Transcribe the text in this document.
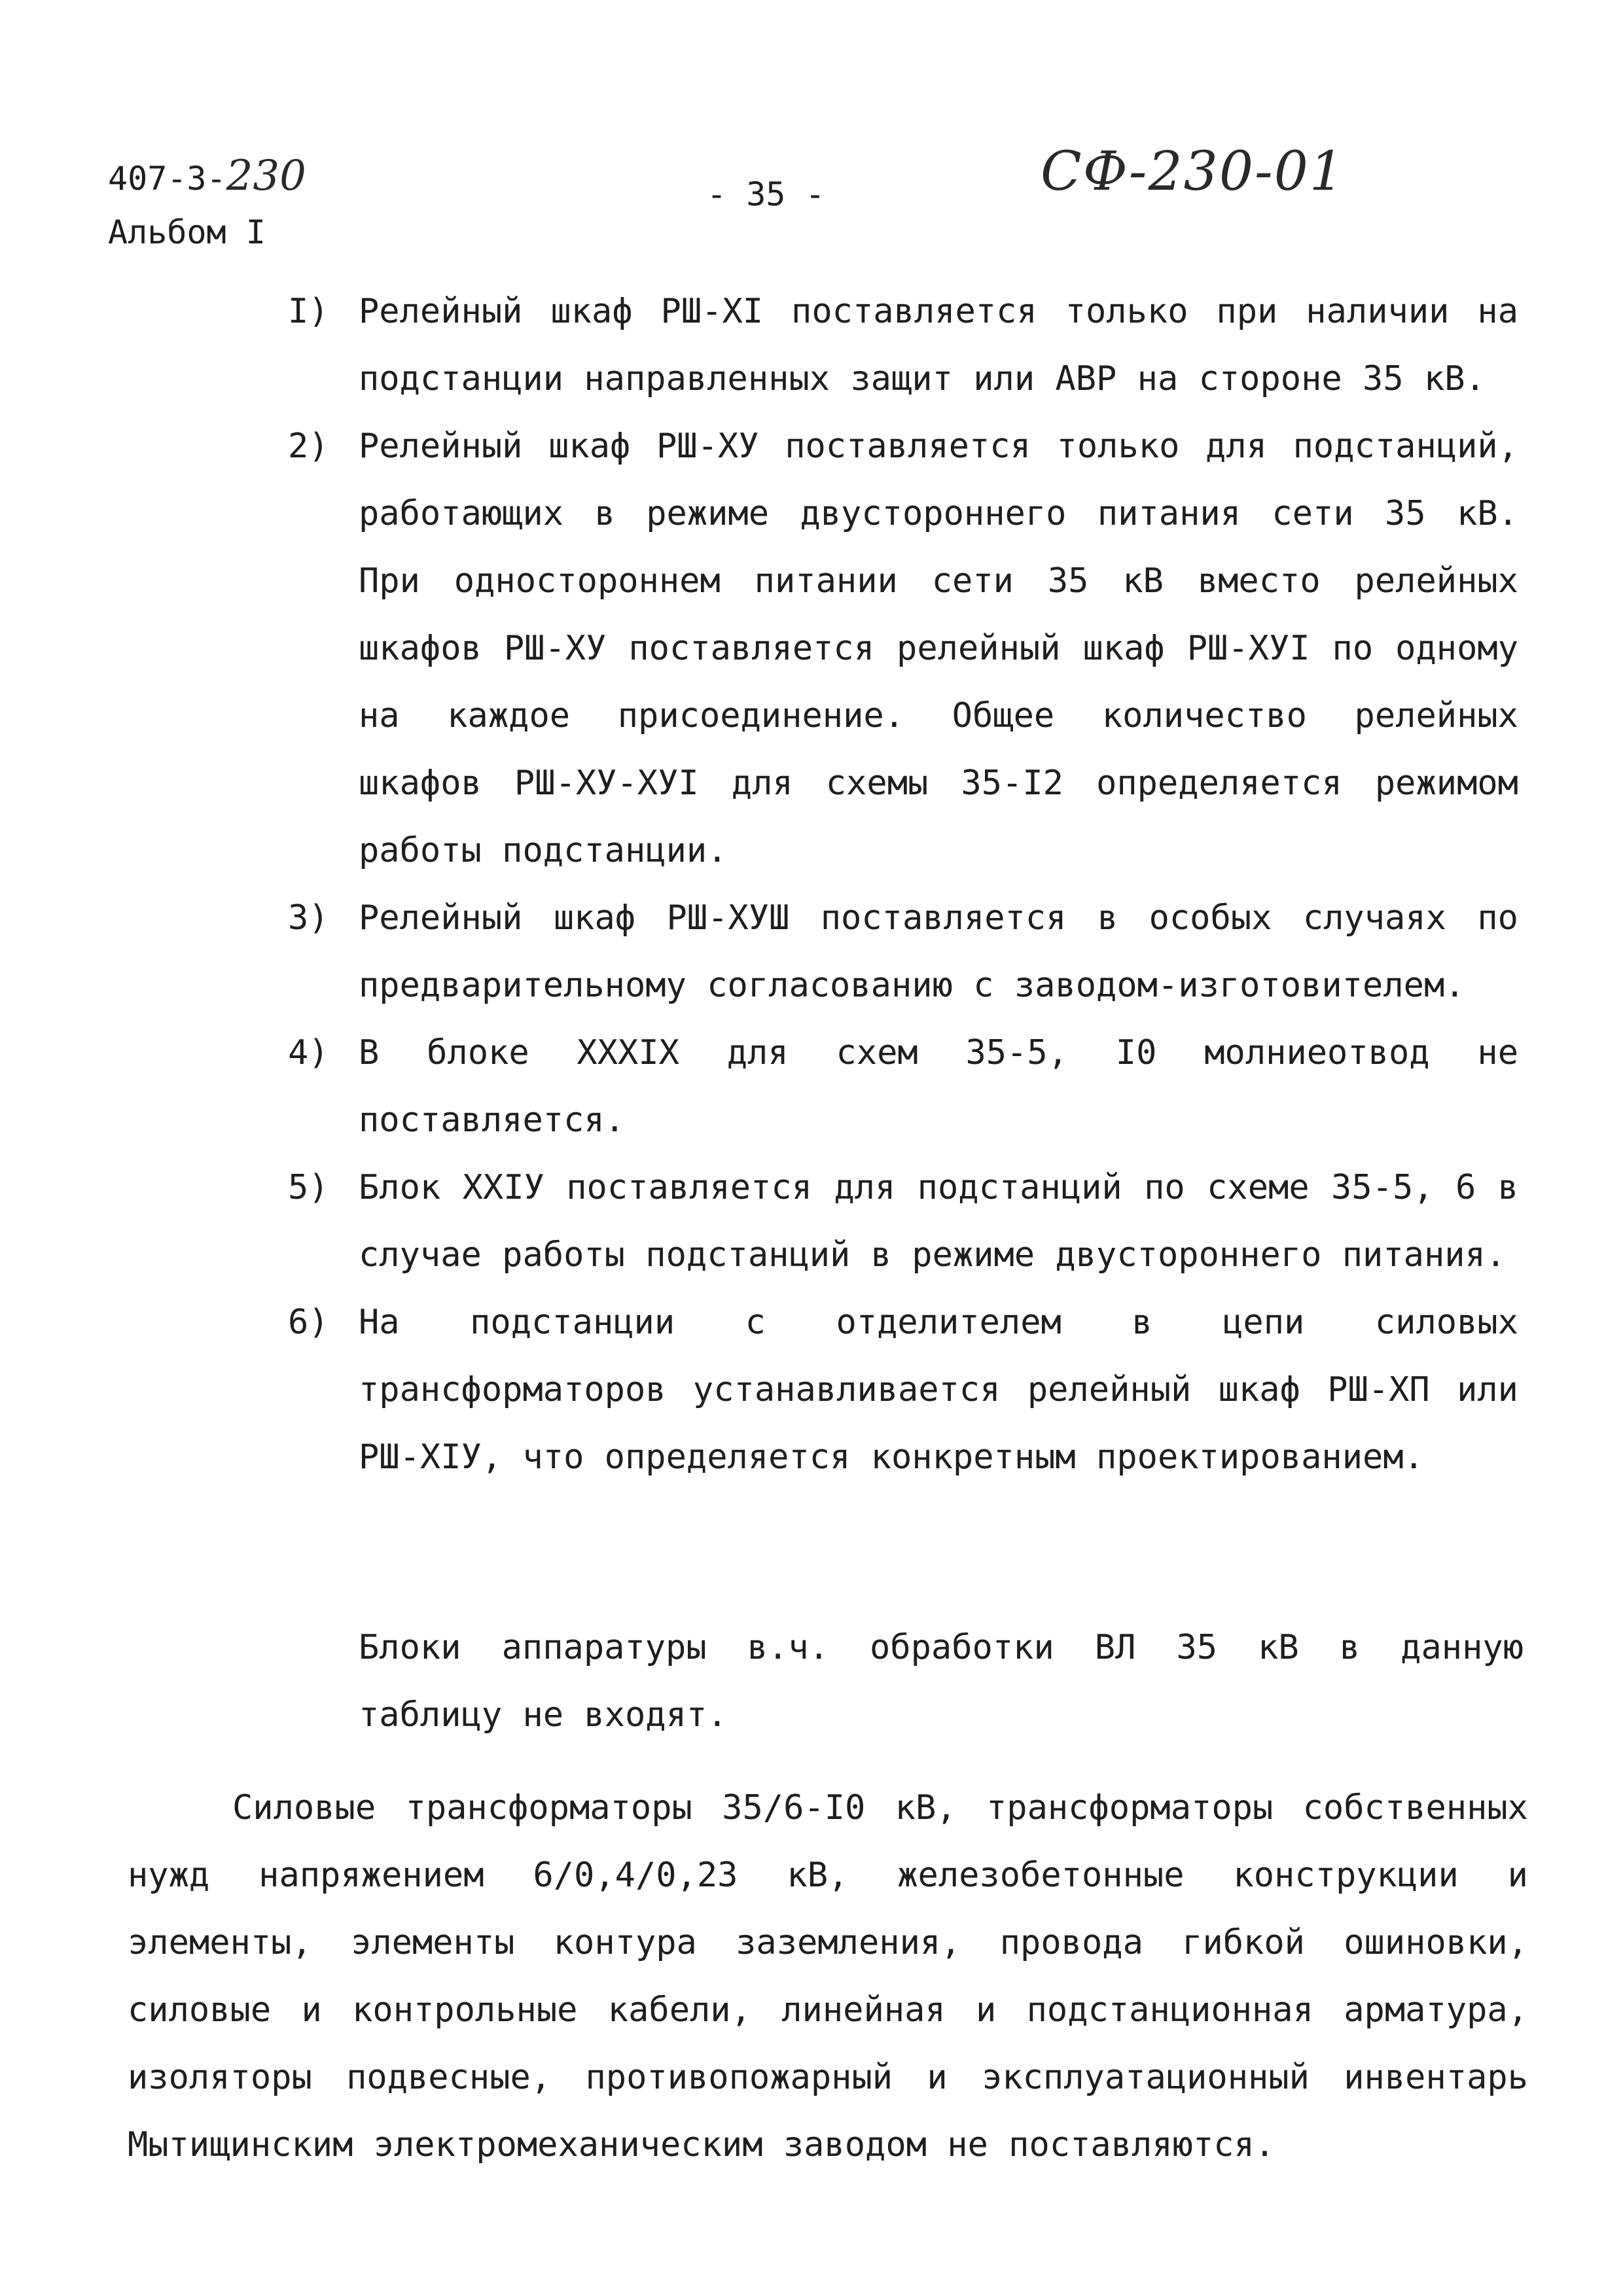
407-3-230
Альбом I
- 35 -	СФ-230-01
I) Релейный шкаф РШ-ХI поставляется только при наличии на подстанции направленных защит или АВР на стороне 35 кВ.
2) Релейный шкаф РШ-ХУ поставляется только для подстанций, работающих в режиме двустороннего питания сети 35 кВ. При одностороннем питании сети 35 кВ вместо релейных шкафов РШ-ХУ поставляется релейный шкаф РШ-ХУI по одному на каждое присоединение. Общее количество релейных шкафов РШ-ХУ-ХУI для схемы 35-I2 определяется режимом работы подстанции.
3) Релейный шкаф РШ-ХУШ поставляется в особых случаях по предварительному согласованию с заводом-изготовителем.
4) В блоке ХХХIХ для схем 35-5, I0 молниеотвод не поставляется.
5) Блок ХХIУ поставляется для подстанций по схеме 35-5, 6 в случае работы подстанций в режиме двустороннего питания.
6) На подстанции с отделителем в цепи силовых трансформаторов устанавливается релейный шкаф РШ-ХП или РШ-ХIУ, что определяется конкретным проектированием.
Блоки аппаратуры в.ч. обработки ВЛ 35 кВ в данную таблицу не входят.
Силовые трансформаторы 35/6-I0 кВ, трансформаторы собственных нужд напряжением 6/0,4/0,23 кВ, железобетонные конструкции и элементы, элементы контура заземления, провода гибкой ошиновки, силовые и контрольные кабели, линейная и подстанционная арматура, изоляторы подвесные, противопожарный и эксплуатационный инвентарь Мытищинским электромеханическим заводом не поставляются.
